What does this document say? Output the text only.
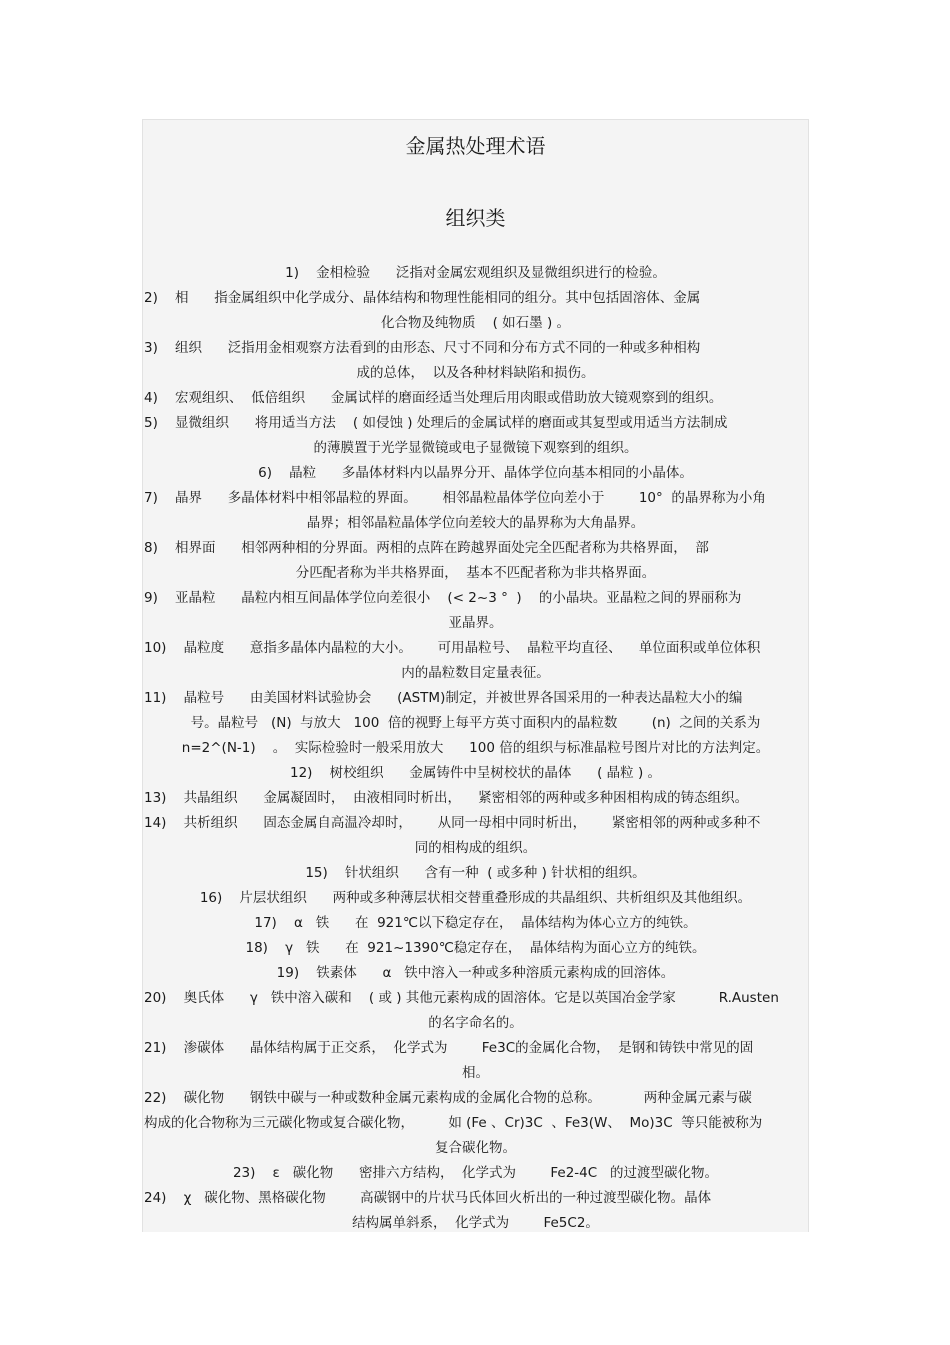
金属热处理术语
组织类

1)    金相检验      泛指对金属宏观组织及显微组织进行的检验。

2)    相      指金属组织中化学成分、晶体结构和物理性能相同的组分。其中包括固溶体、金属

化合物及纯物质    ( 如石墨 ) 。

3)    组织      泛指用金相观察方法看到的由形态、尺寸不同和分布方式不同的一种或多种相构

成的总体，  以及各种材料缺陷和损伤。

4)    宏观组织、  低倍组织      金属试样的磨面经适当处理后用肉眼或借助放大镜观察到的组织。

5)    显微组织      将用适当方法    ( 如侵蚀 ) 处理后的金属试样的磨面或其复型或用适当方法制成

的薄膜置于光学显微镜或电子显微镜下观察到的组织。

6)    晶粒      多晶体材料内以晶界分开、晶体学位向基本相同的小晶体。

7)    晶界      多晶体材料中相邻晶粒的界面。      相邻晶粒晶体学位向差小于        10°  的晶界称为小角

晶界；相邻晶粒晶体学位向差较大的晶界称为大角晶界。

8)    相界面      相邻两种相的分界面。两相的点阵在跨越界面处完全匹配者称为共格界面，  部

分匹配者称为半共格界面，  基本不匹配者称为非共格界面。

9)    亚晶粒      晶粒内相互间晶体学位向差很小    (< 2~3 °  )    的小晶块。亚晶粒之间的界丽称为

亚晶界。

10)    晶粒度      意指多晶体内晶粒的大小。      可用晶粒号、  晶粒平均直径、    单位面积或单位体积

内的晶粒数目定量表征。

11)    晶粒号      由美国材料试验协会      (ASTM)制定，并被世界各国采用的一种表达晶粒大小的编

号。晶粒号   (N)  与放大   100  倍的视野上每平方英寸面积内的晶粒数        (n)  之间的关系为

n=2^(N-1)    。  实际检验时一般采用放大      100 倍的组织与标准晶粒号图片对比的方法判定。

12)    树校组织      金属铸件中呈树校状的晶体      ( 晶粒 ) 。

13)    共晶组织      金属凝固时，  由液相同时析出，    紧密相邻的两种或多种困相构成的铸态组织。

14)    共析组织      固态金属自高温冷却时，      从同一母相中同时析出，      紧密相邻的两种或多种不

同的相构成的组织。

15)    针状组织      含有一种  ( 或多种 ) 针状相的组织。

16)    片层状组织      两种或多种薄层状相交替重叠形成的共晶组织、共析组织及其他组织。

17)    α   铁      在  921℃以下稳定存在，  晶体结构为体心立方的纯铁。

18)    γ   铁      在  921~1390℃稳定存在，  晶体结构为面心立方的纯铁。

19)    铁素体      α   铁中溶入一种或多种溶质元素构成的回溶体。

20)    奥氏体      γ   铁中溶入碳和    ( 或 ) 其他元素构成的固溶体。它是以英国冶金学家          R.Austen

的名字命名的。

21)    渗碳体      晶体结构属于正交系，  化学式为        Fe3C的金属化合物，  是钢和铸铁中常见的固

相。

22)    碳化物      钢铁中碳与一种或数种金属元素构成的金属化合物的总称。          两种金属元素与碳

构成的化合物称为三元碳化物或复合碳化物，        如 (Fe 、Cr)3C  、Fe3(W、  Mo)3C  等只能被称为

复合碳化物。

23)    ε   碳化物      密排六方结构，  化学式为        Fe2-4C   的过渡型碳化物。

24)    χ   碳化物、黑格碳化物        高碳钢中的片状马氏体回火析出的一种过渡型碳化物。晶体

结构属单斜系，  化学式为        Fe5C2。
